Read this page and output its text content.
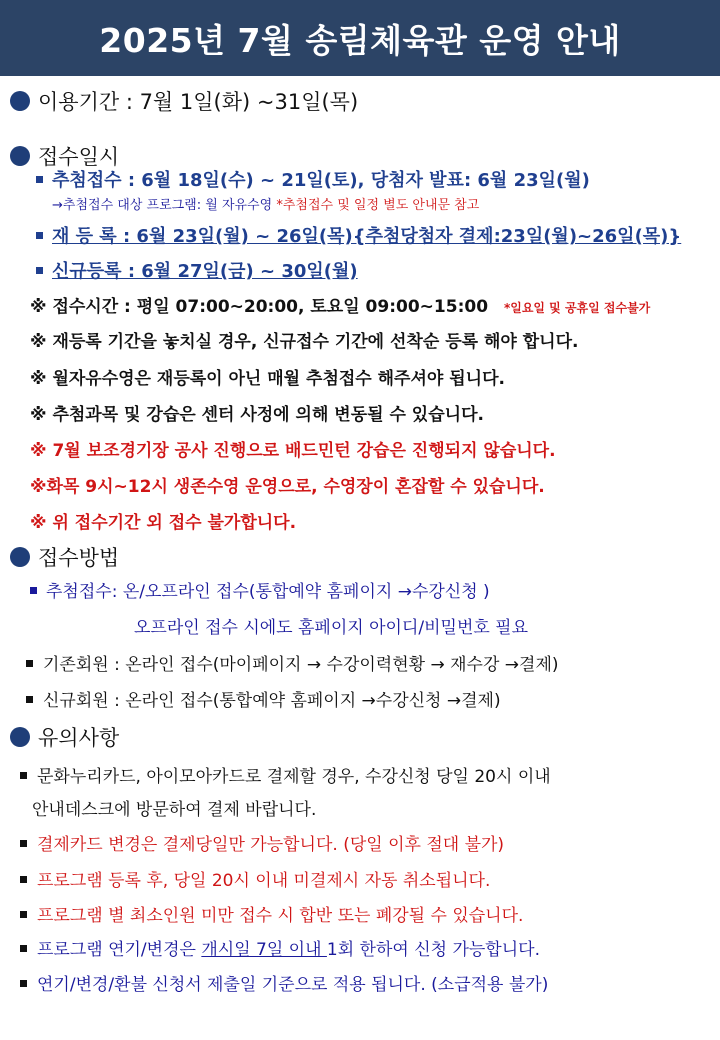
2025년 7월 송림체육관 운영 안내
이용기간 : 7월 1일(화) ~31일(목)
접수일시
추첨접수 : 6월 18일(수) ~ 21일(토), 당첨자 발표: 6월 23일(월)
→추첨접수 대상 프로그램: 월 자유수영 *추첨접수 및 일정 별도 안내문 참고
재 등 록 : 6월 23일(월) ~ 26일(목){추첨당첨자 결제:23일(월)~26일(목)}
신규등록 : 6월 27일(금) ~ 30일(월)
※ 접수시간 : 평일 07:00~20:00, 토요일 09:00~15:00 *일요일 및 공휴일 접수불가
※ 재등록 기간을 놓치실 경우, 신규접수 기간에 선착순 등록 해야 합니다.
※ 월자유수영은 재등록이 아닌 매월 추첨접수 해주셔야 됩니다.
※ 추첨과목 및 강습은 센터 사정에 의해 변동될 수 있습니다.
※ 7월 보조경기장 공사 진행으로 배드민턴 강습은 진행되지 않습니다.
※화목 9시~12시 생존수영 운영으로, 수영장이 혼잡할 수 있습니다.
※ 위 접수기간 외 접수 불가합니다.
접수방법
추첨접수: 온/오프라인 접수(통합예약 홈페이지 →수강신청 )
오프라인 접수 시에도 홈페이지 아이디/비밀번호 필요
기존회원 : 온라인 접수(마이페이지 → 수강이력현황 → 재수강 →결제)
신규회원 : 온라인 접수(통합예약 홈페이지 →수강신청 →결제)
유의사항
문화누리카드, 아이모아카드로 결제할 경우, 수강신청 당일 20시 이내
안내데스크에 방문하여 결제 바랍니다.
결제카드 변경은 결제당일만 가능합니다. (당일 이후 절대 불가)
프로그램 등록 후, 당일 20시 이내 미결제시 자동 취소됩니다.
프로그램 별 최소인원 미만 접수 시 합반 또는 폐강될 수 있습니다.
프로그램 연기/변경은 개시일 7일 이내 1회 한하여 신청 가능합니다.
연기/변경/환불 신청서 제출일 기준으로 적용 됩니다. (소급적용 불가)
